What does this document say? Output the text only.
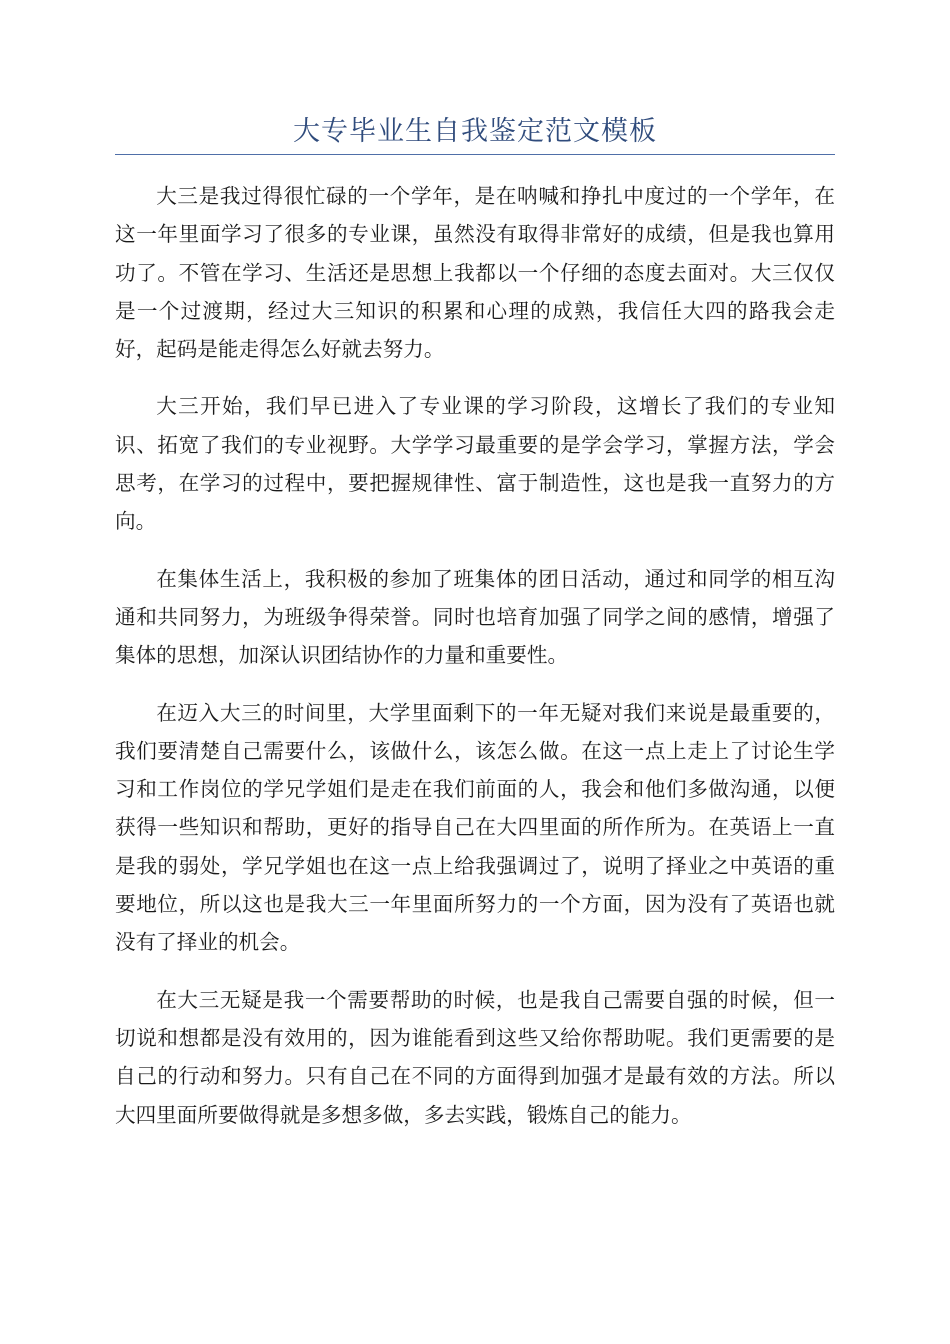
大专毕业生自我鉴定范文模板

大三是我过得很忙碌的一个学年，是在呐喊和挣扎中度过的一个学年，在这一年里面学习了很多的专业课，虽然没有取得非常好的成绩，但是我也算用功了。不管在学习、生活还是思想上我都以一个仔细的态度去面对。大三仅仅是一个过渡期，经过大三知识的积累和心理的成熟，我信任大四的路我会走好，起码是能走得怎么好就去努力。

大三开始，我们早已进入了专业课的学习阶段，这增长了我们的专业知识、拓宽了我们的专业视野。大学学习最重要的是学会学习，掌握方法，学会思考，在学习的过程中，要把握规律性、富于制造性，这也是我一直努力的方向。

在集体生活上，我积极的参加了班集体的团日活动，通过和同学的相互沟通和共同努力，为班级争得荣誉。同时也培育加强了同学之间的感情，增强了集体的思想，加深认识团结协作的力量和重要性。

在迈入大三的时间里，大学里面剩下的一年无疑对我们来说是最重要的，我们要清楚自己需要什么，该做什么，该怎么做。在这一点上走上了讨论生学习和工作岗位的学兄学姐们是走在我们前面的人，我会和他们多做沟通，以便获得一些知识和帮助，更好的指导自己在大四里面的所作所为。在英语上一直是我的弱处，学兄学姐也在这一点上给我强调过了，说明了择业之中英语的重要地位，所以这也是我大三一年里面所努力的一个方面，因为没有了英语也就没有了择业的机会。

在大三无疑是我一个需要帮助的时候，也是我自己需要自强的时候，但一切说和想都是没有效用的，因为谁能看到这些又给你帮助呢。我们更需要的是自己的行动和努力。只有自己在不同的方面得到加强才是最有效的方法。所以大四里面所要做得就是多想多做，多去实践，锻炼自己的能力。
